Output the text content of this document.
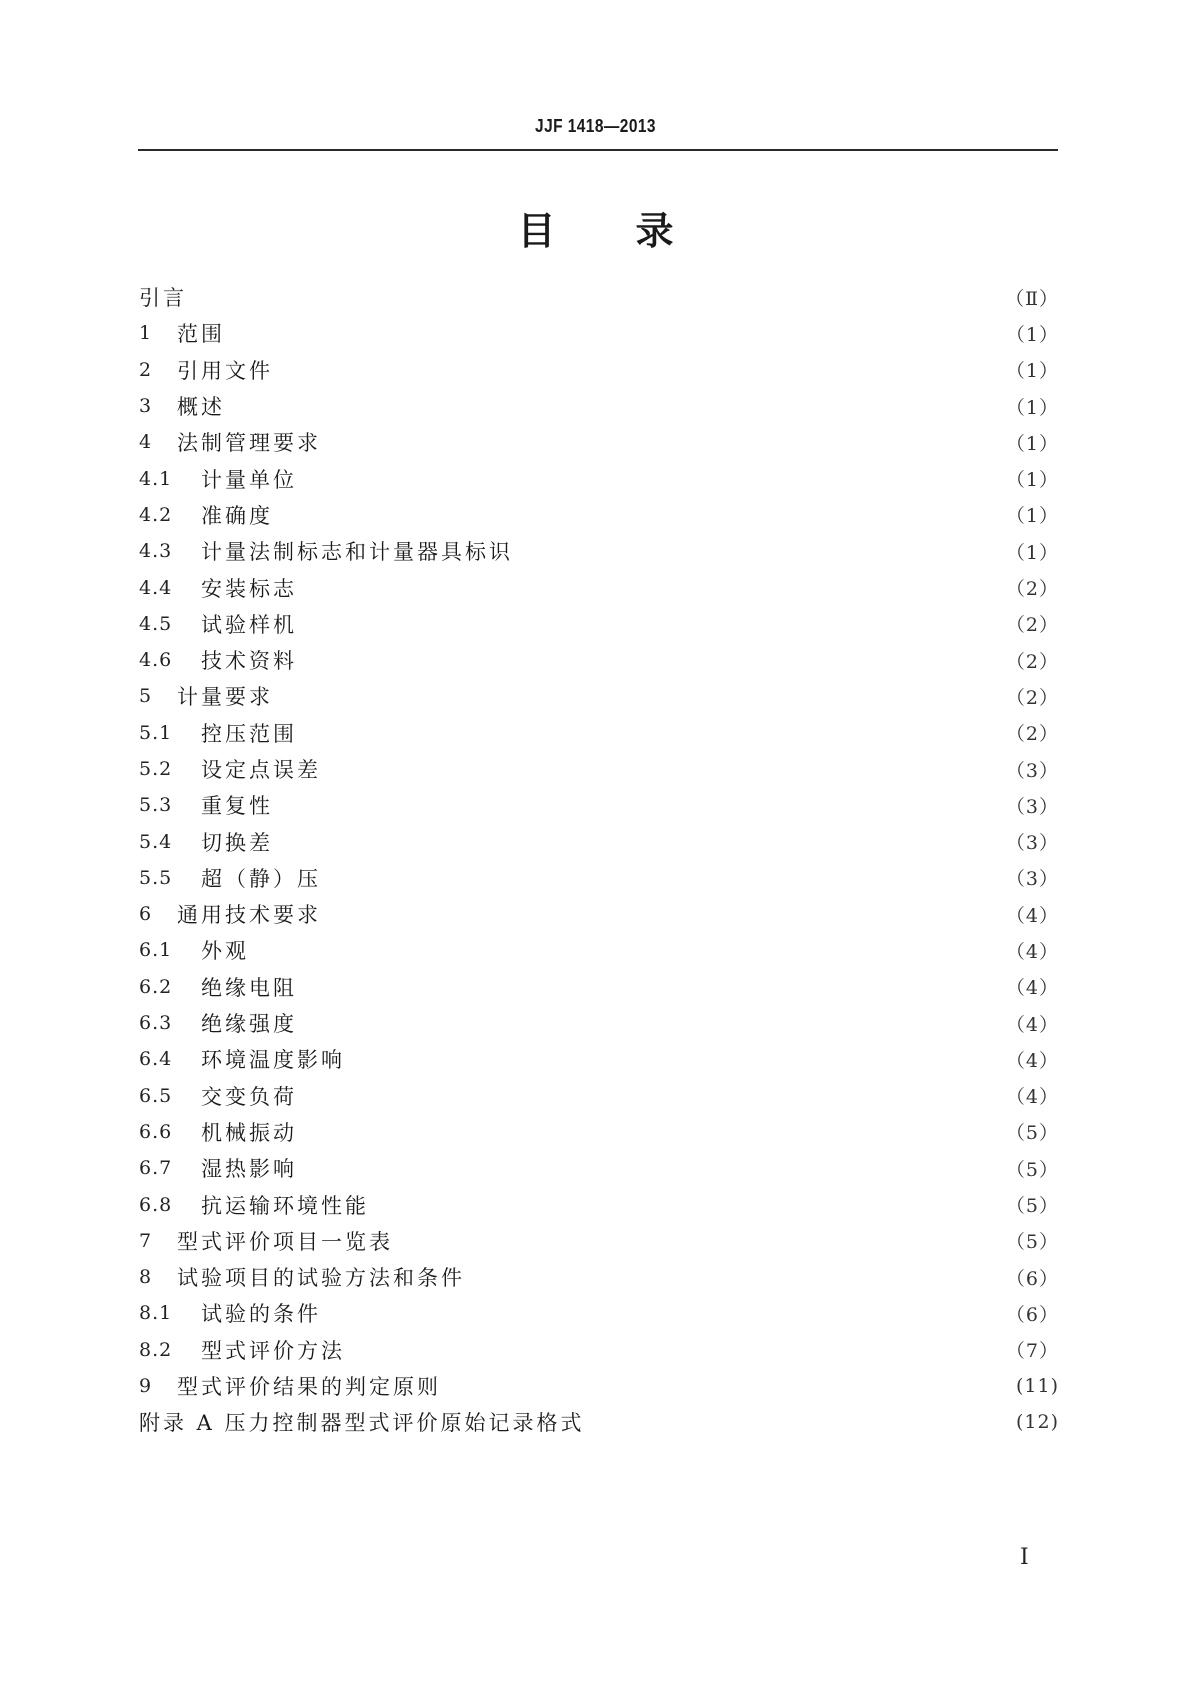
JJF 1418—2013
目 录
引言	（Ⅱ）
1	范围	（1）
2	引用文件	（1）
3	概述	（1）
4	法制管理要求	（1）
4.1	计量单位	（1）
4.2	准确度	（1）
4.3	计量法制标志和计量器具标识	（1）
4.4	安装标志	（2）
4.5	试验样机	（2）
4.6	技术资料	（2）
5	计量要求	（2）
5.1	控压范围	（2）
5.2	设定点误差	（3）
5.3	重复性	（3）
5.4	切换差	（3）
5.5	超（静）压	（3）
6	通用技术要求	（4）
6.1	外观	（4）
6.2	绝缘电阻	（4）
6.3	绝缘强度	（4）
6.4	环境温度影响	（4）
6.5	交变负荷	（4）
6.6	机械振动	（5）
6.7	湿热影响	（5）
6.8	抗运输环境性能	（5）
7	型式评价项目一览表	（5）
8	试验项目的试验方法和条件	（6）
8.1	试验的条件	（6）
8.2	型式评价方法	（7）
9	型式评价结果的判定原则	(11)
附录 A 压力控制器型式评价原始记录格式	(12)
I
